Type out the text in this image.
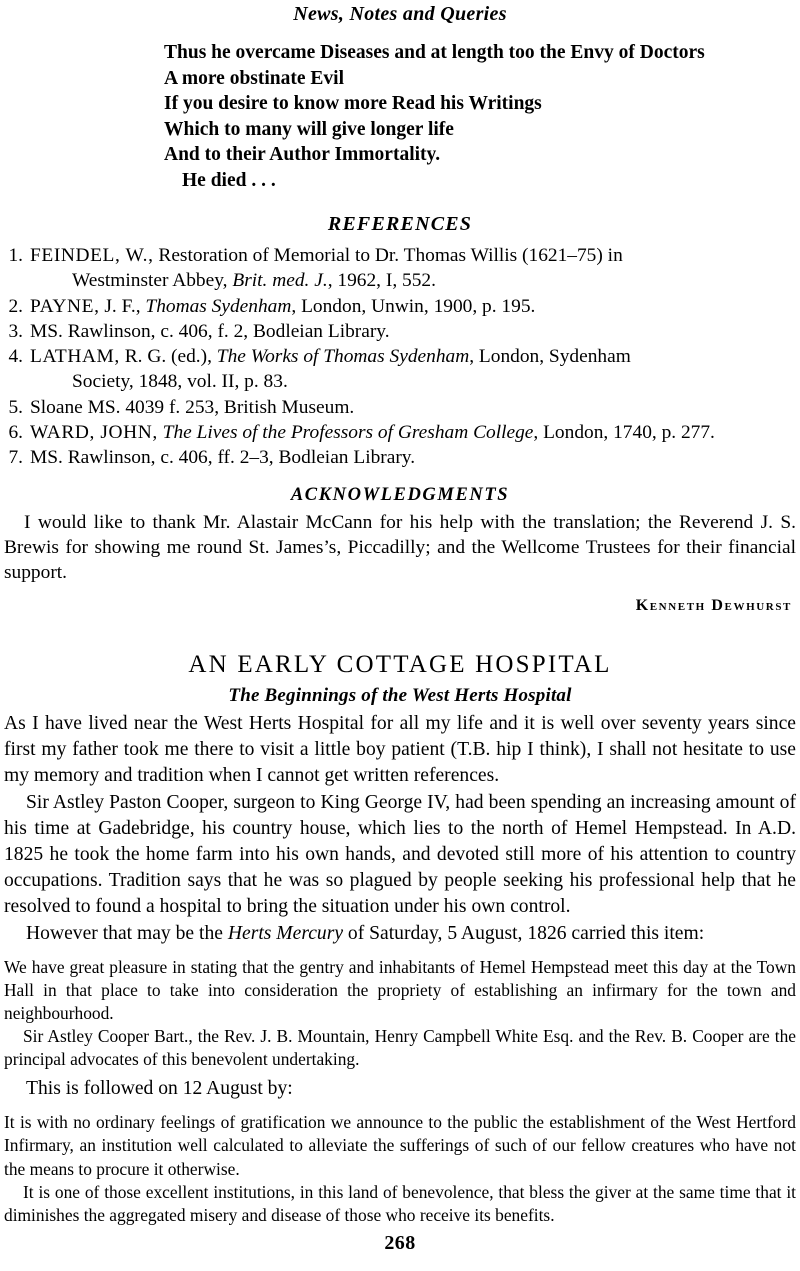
News, Notes and Queries
Thus he overcame Diseases and at length too the Envy of Doctors
A more obstinate Evil
If you desire to know more Read his Writings
Which to many will give longer life
And to their Author Immortality.
He died . . .
REFERENCES
1. FEINDEL, W., Restoration of Memorial to Dr. Thomas Willis (1621–75) in
Westminster Abbey, Brit. med. J., 1962, I, 552.
2. PAYNE, J. F., Thomas Sydenham, London, Unwin, 1900, p. 195.
3. MS. Rawlinson, c. 406, f. 2, Bodleian Library.
4. LATHAM, R. G. (ed.), The Works of Thomas Sydenham, London, Sydenham
Society, 1848, vol. II, p. 83.
5. Sloane MS. 4039 f. 253, British Museum.
6. WARD, JOHN, The Lives of the Professors of Gresham College, London, 1740, p. 277.
7. MS. Rawlinson, c. 406, ff. 2–3, Bodleian Library.
ACKNOWLEDGMENTS

I would like to thank Mr. Alastair McCann for his help with the translation; the Reverend J. S. Brewis for showing me round St. James’s, Piccadilly; and the Wellcome Trustees for their financial support.

Kenneth Dewhurst

AN EARLY COTTAGE HOSPITAL
The Beginnings of the West Herts Hospital

As I have lived near the West Herts Hospital for all my life and it is well over seventy years since first my father took me there to visit a little boy patient (T.B. hip I think), I shall not hesitate to use my memory and tradition when I cannot get written references.

Sir Astley Paston Cooper, surgeon to King George IV, had been spending an increasing amount of his time at Gadebridge, his country house, which lies to the north of Hemel Hempstead. In A.D. 1825 he took the home farm into his own hands, and devoted still more of his attention to country occupations. Tradition says that he was so plagued by people seeking his professional help that he resolved to found a hospital to bring the situation under his own control.

However that may be the Herts Mercury of Saturday, 5 August, 1826 carried this item:

We have great pleasure in stating that the gentry and inhabitants of Hemel Hempstead meet this day at the Town Hall in that place to take into consideration the propriety of establishing an infirmary for the town and neighbourhood.

Sir Astley Cooper Bart., the Rev. J. B. Mountain, Henry Campbell White Esq. and the Rev. B. Cooper are the principal advocates of this benevolent undertaking.

This is followed on 12 August by:

It is with no ordinary feelings of gratification we announce to the public the establishment of the West Hertford Infirmary, an institution well calculated to alleviate the sufferings of such of our fellow creatures who have not the means to procure it otherwise.

It is one of those excellent institutions, in this land of benevolence, that bless the giver at the same time that it diminishes the aggregated misery and disease of those who receive its benefits.

268
